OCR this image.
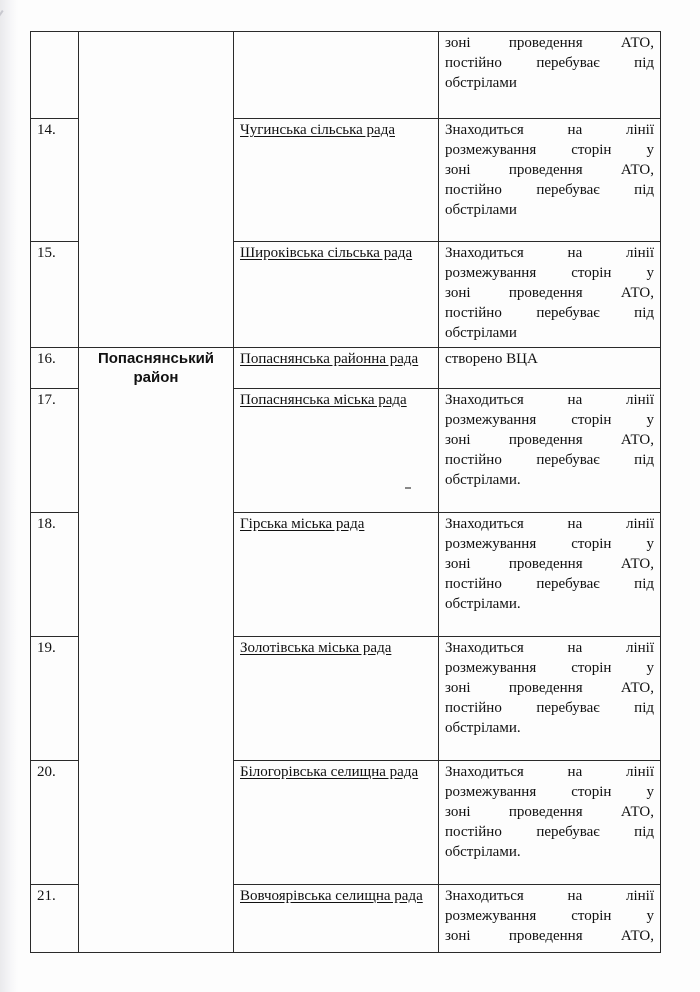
			зоні проведення АТО,
постійно перебуває під
обстрілами

14.		Чугинська сільська рада	Знаходиться на лінії
розмежування сторін у
зоні проведення АТО,
постійно перебуває під
обстрілами

15.		Широківська сільська рада	Знаходиться на лінії
розмежування сторін у
зоні проведення АТО,
постійно перебуває під
обстрілами

16.	Попаснянський район	Попаснянська районна рада	створено ВЦА

17.		Попаснянська міська рада	Знаходиться на лінії
розмежування сторін у
зоні проведення АТО,
постійно перебуває під
обстрілами.

18.		Гірська міська рада	Знаходиться на лінії
розмежування сторін у
зоні проведення АТО,
постійно перебуває під
обстрілами.

19.		Золотівська міська рада	Знаходиться на лінії
розмежування сторін у
зоні проведення АТО,
постійно перебуває під
обстрілами.

20.		Білогорівська селищна рада	Знаходиться на лінії
розмежування сторін у
зоні проведення АТО,
постійно перебуває під
обстрілами.

21.		Вовчоярівська селищна рада	Знаходиться на лінії
розмежування сторін у
зоні проведення АТО,
